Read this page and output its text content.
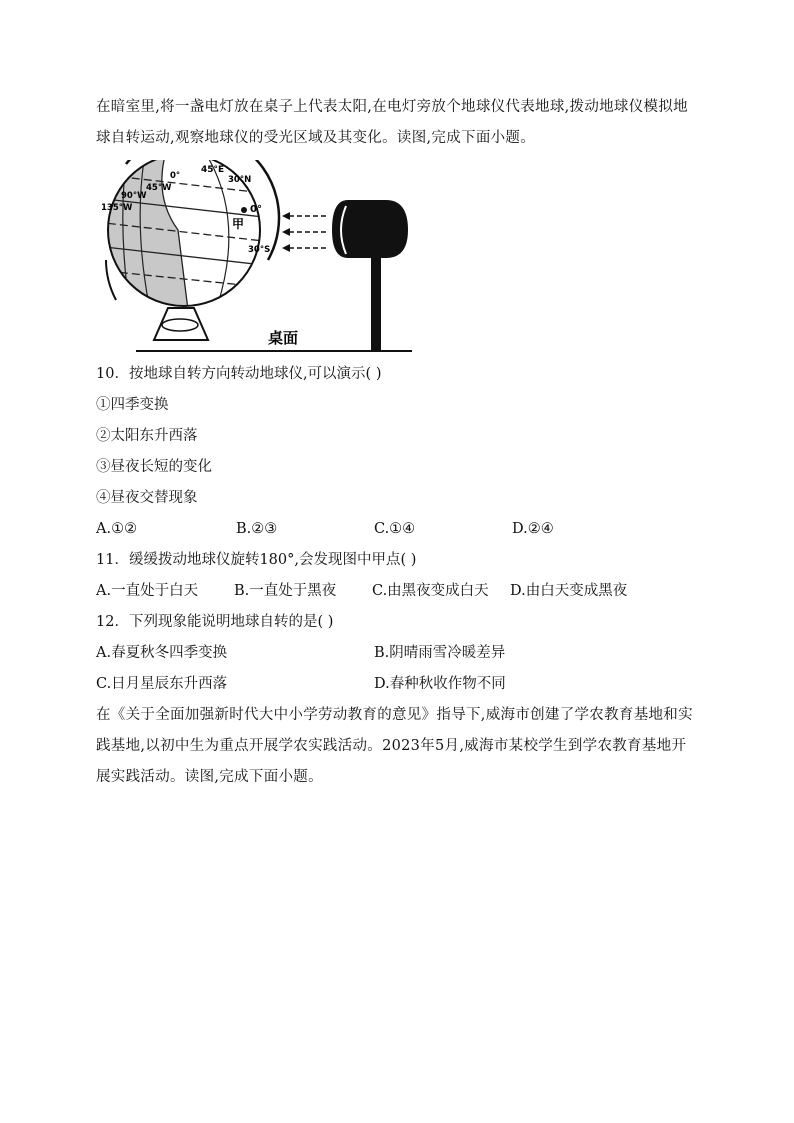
在暗室里,将一盏电灯放在桌子上代表太阳,在电灯旁放个地球仪代表地球,拨动地球仪模拟地球自转运动,观察地球仪的受光区域及其变化。读图,完成下面小题。

45°E
30°N
0°
45°W
90°W
135°W	0°
甲
30°S
桌面
10．按地球自转方向转动地球仪,可以演示( )
①四季变换
②太阳东升西落
③昼夜长短的变化
④昼夜交替现象
A.①②	B.②③	C.①④	D.②④
11．缓缓拨动地球仪旋转180°,会发现图中甲点( )
A.一直处于白天 B.一直处于黑夜 C.由黑夜变成白天 D.由白天变成黑夜
12．下列现象能说明地球自转的是( )
A.春夏秋冬四季变换	B.阴晴雨雪冷暖差异
C.日月星辰东升西落	D.春种秋收作物不同

在《关于全面加强新时代大中小学劳动教育的意见》指导下,威海市创建了学农教育基地和实践基地,以初中生为重点开展学农实践活动。2023年5月,威海市某校学生到学农教育基地开展实践活动。读图,完成下面小题。
